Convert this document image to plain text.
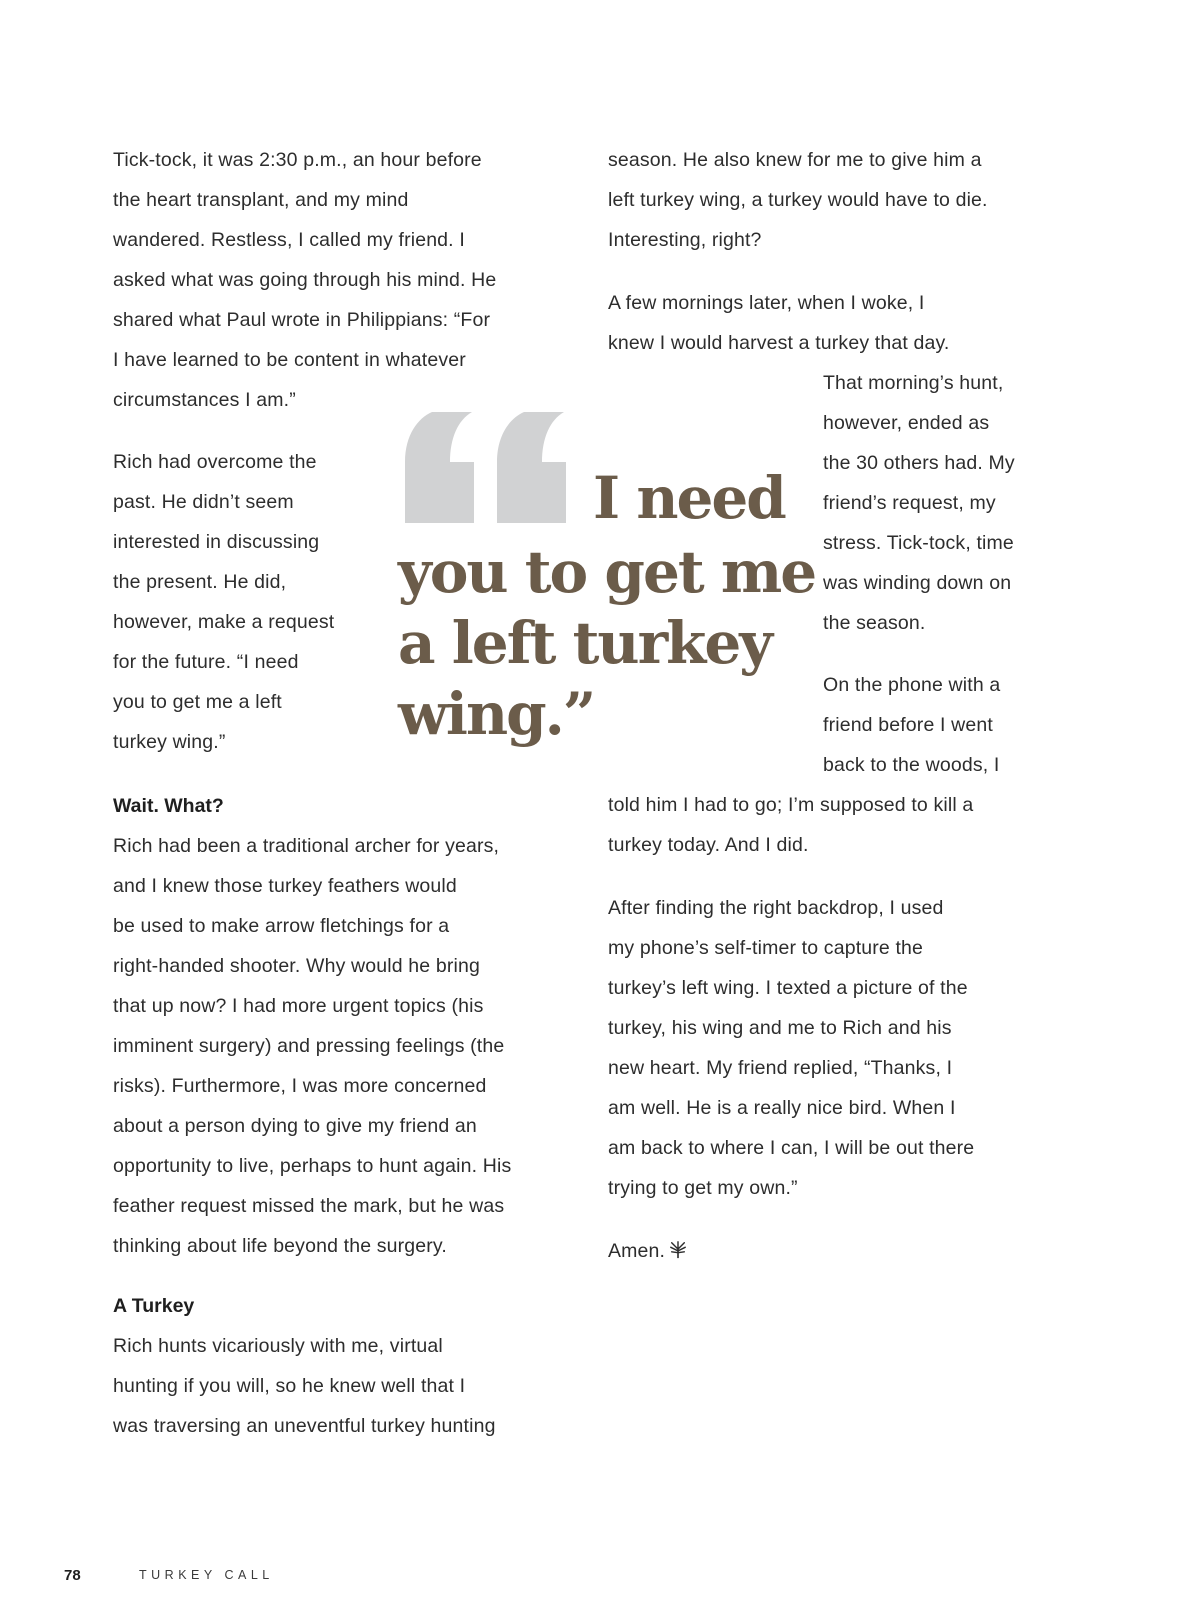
Tick-tock, it was 2:30 p.m., an hour before
the heart transplant, and my mind
wandered. Restless, I called my friend. I
asked what was going through his mind. He
shared what Paul wrote in Philippians: “For
I have learned to be content in whatever
circumstances I am.”
Rich had overcome the
past. He didn’t seem
interested in discussing
the present. He did,
however, make a request
for the future. “I need
you to get me a left
turkey wing.”
Wait. What?
Rich had been a traditional archer for years,
and I knew those turkey feathers would
be used to make arrow fletchings for a
right-handed shooter. Why would he bring
that up now? I had more urgent topics (his
imminent surgery) and pressing feelings (the
risks). Furthermore, I was more concerned
about a person dying to give my friend an
opportunity to live, perhaps to hunt again. His
feather request missed the mark, but he was
thinking about life beyond the surgery.
A Turkey
Rich hunts vicariously with me, virtual
hunting if you will, so he knew well that I
was traversing an uneventful turkey hunting
I need
you to get me
a left turkey
wing.”
season. He also knew for me to give him a
left turkey wing, a turkey would have to die.
Interesting, right?
A few mornings later, when I woke, I
knew I would harvest a turkey that day.
That morning’s hunt,
however, ended as
the 30 others had. My
friend’s request, my
stress. Tick-tock, time
was winding down on
the season.
On the phone with a
friend before I went
back to the woods, I
told him I had to go; I’m supposed to kill a
turkey today. And I did.
After finding the right backdrop, I used
my phone’s self-timer to capture the
turkey’s left wing. I texted a picture of the
turkey, his wing and me to Rich and his
new heart. My friend replied, “Thanks, I
am well. He is a really nice bird. When I
am back to where I can, I will be out there
trying to get my own.”
Amen.
78	TURKEY CALL
